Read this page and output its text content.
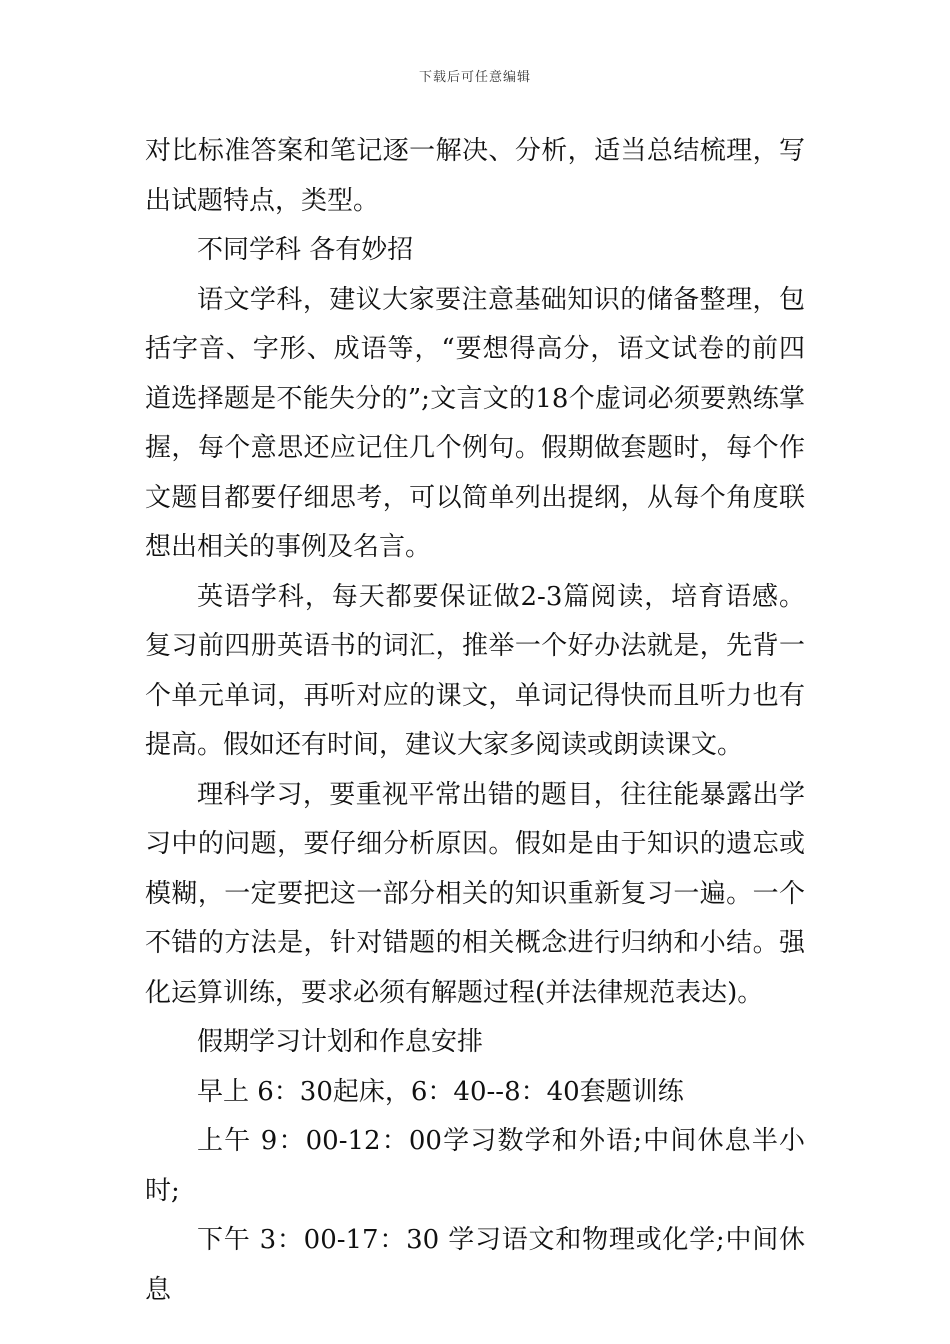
下载后可任意编辑

对比标准答案和笔记逐一解决、分析，适当总结梳理，写出试题特点，类型。

不同学科 各有妙招

语文学科，建议大家要注意基础知识的储备整理，包括字音、字形、成语等，“要想得高分，语文试卷的前四道选择题是不能失分的”;文言文的18个虚词必须要熟练掌握，每个意思还应记住几个例句。假期做套题时，每个作文题目都要仔细思考，可以简单列出提纲，从每个角度联想出相关的事例及名言。

英语学科，每天都要保证做2-3篇阅读，培育语感。复习前四册英语书的词汇，推举一个好办法就是，先背一个单元单词，再听对应的课文，单词记得快而且听力也有提高。假如还有时间，建议大家多阅读或朗读课文。

理科学习，要重视平常出错的题目，往往能暴露出学习中的问题，要仔细分析原因。假如是由于知识的遗忘或模糊，一定要把这一部分相关的知识重新复习一遍。一个不错的方法是，针对错题的相关概念进行归纳和小结。强化运算训练，要求必须有解题过程(并法律规范表达)。

假期学习计划和作息安排

早上 6：30起床，6：40--8：40套题训练

上午 9：00-12：00学习数学和外语;中间休息半小时;

下午 3：00-17：30 学习语文和物理或化学;中间休息
